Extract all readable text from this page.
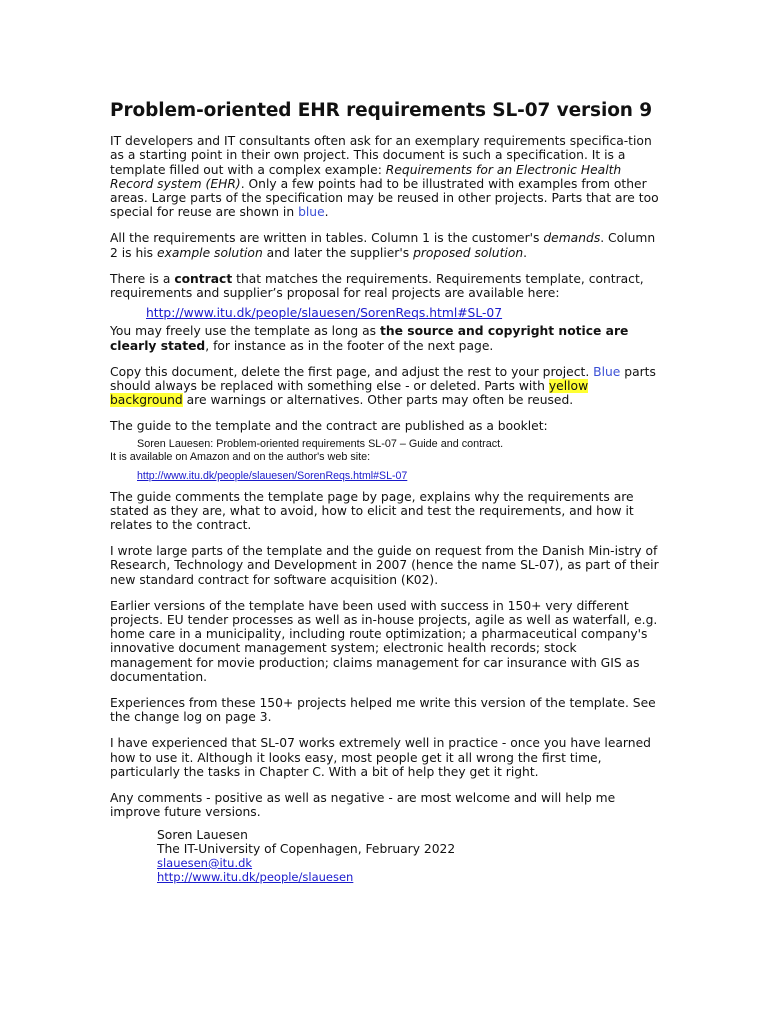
Problem-oriented EHR requirements SL-07 version 9

IT developers and IT consultants often ask for an exemplary requirements specifica-tion as a starting point in their own project. This document is such a specification. It is a template filled out with a complex example: Requirements for an Electronic Health Record system (EHR). Only a few points had to be illustrated with examples from other areas. Large parts of the specification may be reused in other projects. Parts that are too special for reuse are shown in blue.

All the requirements are written in tables. Column 1 is the customer's demands. Column 2 is his example solution and later the supplier's proposed solution.

There is a contract that matches the requirements. Requirements template, contract, requirements and supplier’s proposal for real projects are available here:

http://www.itu.dk/people/slauesen/SorenReqs.html#SL-07

You may freely use the template as long as the source and copyright notice are clearly stated, for instance as in the footer of the next page.

Copy this document, delete the first page, and adjust the rest to your project. Blue parts should always be replaced with something else - or deleted. Parts with yellow background are warnings or alternatives. Other parts may often be reused.

The guide to the template and the contract are published as a booklet:

Soren Lauesen: Problem-oriented requirements SL-07 – Guide and contract.
It is available on Amazon and on the author's web site:
http://www.itu.dk/people/slauesen/SorenReqs.html#SL-07

The guide comments the template page by page, explains why the requirements are stated as they are, what to avoid, how to elicit and test the requirements, and how it relates to the contract.

I wrote large parts of the template and the guide on request from the Danish Min-istry of Research, Technology and Development in 2007 (hence the name SL-07), as part of their new standard contract for software acquisition (K02).

Earlier versions of the template have been used with success in 150+ very different projects. EU tender processes as well as in-house projects, agile as well as waterfall, e.g. home care in a municipality, including route optimization; a pharmaceutical company's innovative document management system; electronic health records; stock management for movie production; claims management for car insurance with GIS as documentation.

Experiences from these 150+ projects helped me write this version of the template. See the change log on page 3.

I have experienced that SL-07 works extremely well in practice - once you have learned how to use it. Although it looks easy, most people get it all wrong the first time, particularly the tasks in Chapter C. With a bit of help they get it right.

Any comments - positive as well as negative - are most welcome and will help me improve future versions.

Soren Lauesen
The IT-University of Copenhagen, February 2022
slauesen@itu.dk
http://www.itu.dk/people/slauesen
